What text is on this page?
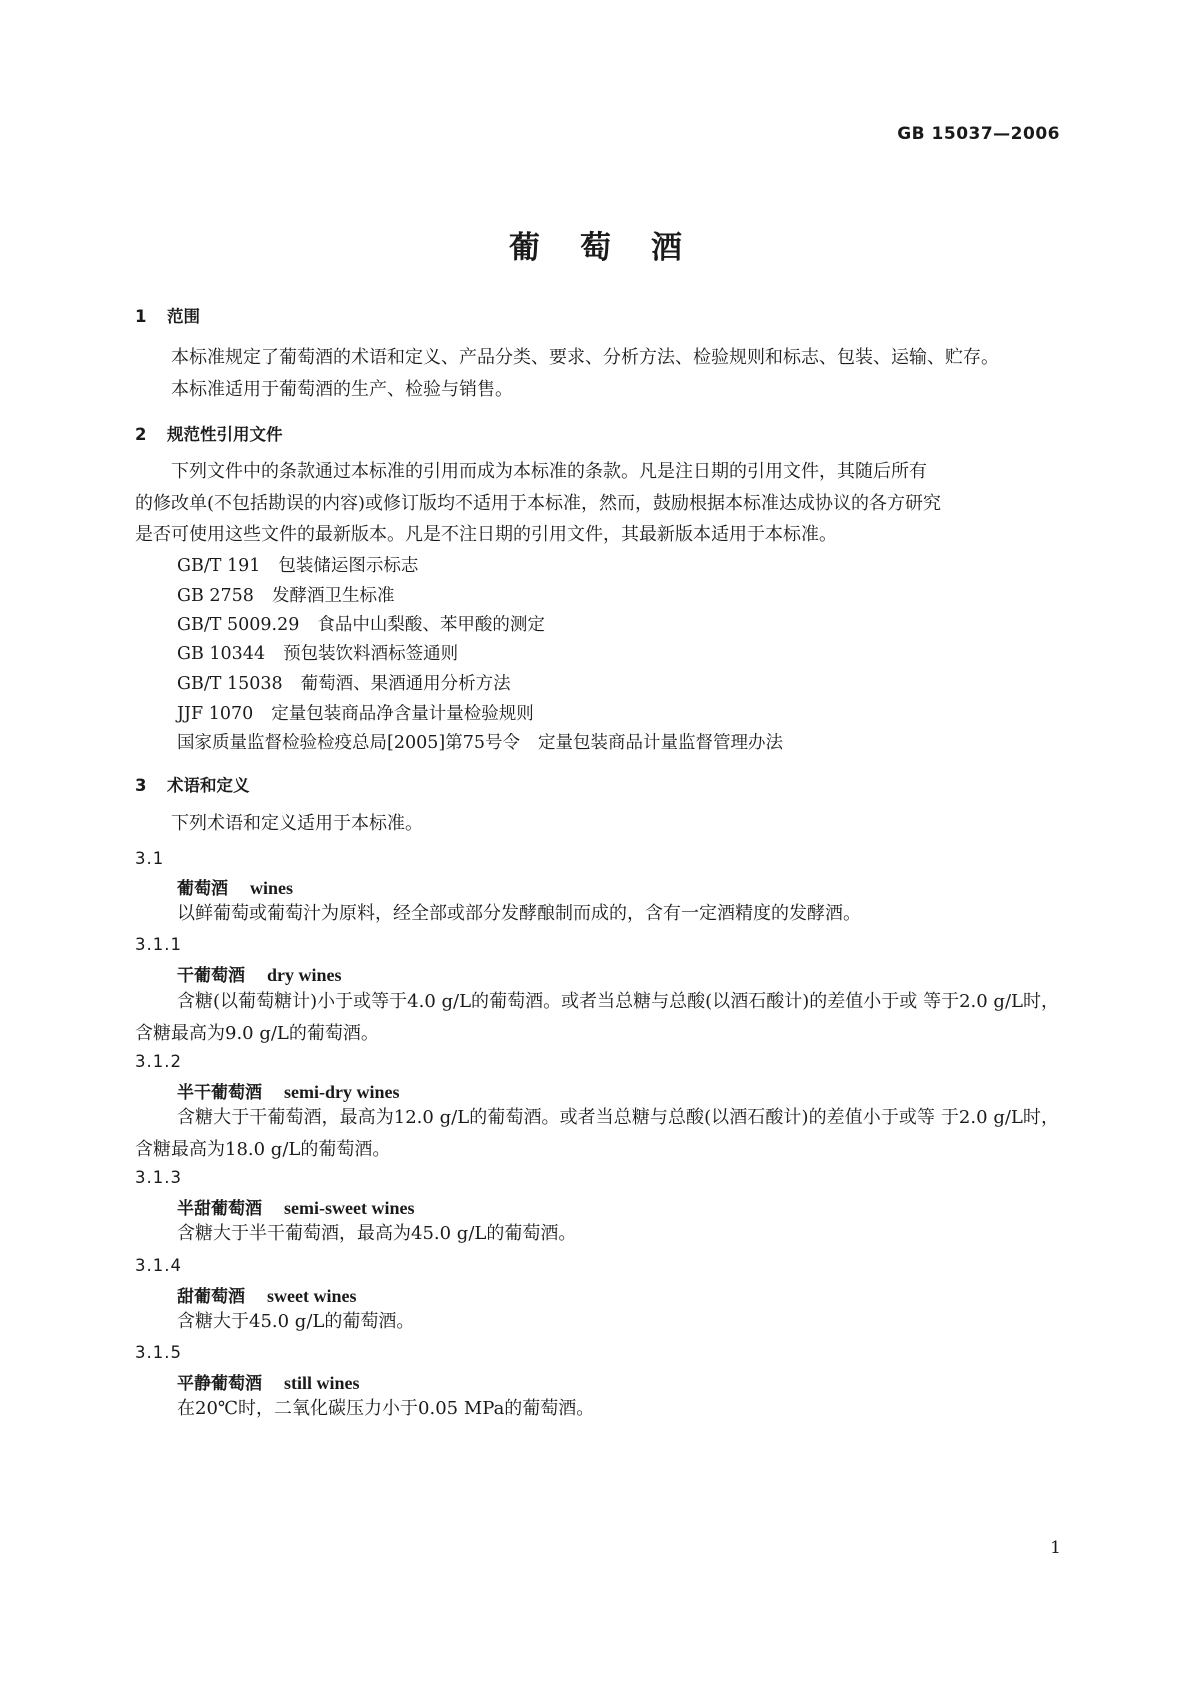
GB 15037—2006
葡萄酒
1 范围
本标准规定了葡萄酒的术语和定义、产品分类、要求、分析方法、检验规则和标志、包装、运输、贮存。
本标准适用于葡萄酒的生产、检验与销售。
2 规范性引用文件
下列文件中的条款通过本标准的引用而成为本标准的条款。凡是注日期的引用文件，其随后所有
的修改单(不包括勘误的内容)或修订版均不适用于本标准，然而，鼓励根据本标准达成协议的各方研究
是否可使用这些文件的最新版本。凡是不注日期的引用文件，其最新版本适用于本标准。
GB/T 191 包装储运图示标志
GB 2758 发酵酒卫生标准
GB/T 5009.29 食品中山梨酸、苯甲酸的测定
GB 10344 预包装饮料酒标签通则
GB/T 15038 葡萄酒、果酒通用分析方法
JJF 1070 定量包装商品净含量计量检验规则
国家质量监督检验检疫总局[2005]第75号令 定量包装商品计量监督管理办法
3 术语和定义
下列术语和定义适用于本标准。
3.1
葡萄酒 wines
以鲜葡萄或葡萄汁为原料，经全部或部分发酵酿制而成的，含有一定酒精度的发酵酒。
3.1.1
干葡萄酒 dry wines
含糖(以葡萄糖计)小于或等于4.0 g/L的葡萄酒。或者当总糖与总酸(以酒石酸计)的差值小于或 等于2.0 g/L时，含糖最高为9.0 g/L的葡萄酒。
3.1.2
半干葡萄酒 semi-dry wines
含糖大于干葡萄酒，最高为12.0 g/L的葡萄酒。或者当总糖与总酸(以酒石酸计)的差值小于或等 于2.0 g/L时，含糖最高为18.0 g/L的葡萄酒。
3.1.3
半甜葡萄酒 semi-sweet wines
含糖大于半干葡萄酒，最高为45.0 g/L的葡萄酒。
3.1.4
甜葡萄酒 sweet wines
含糖大于45.0 g/L的葡萄酒。
3.1.5
平静葡萄酒 still wines
在20℃时，二氧化碳压力小于0.05 MPa的葡萄酒。
1
